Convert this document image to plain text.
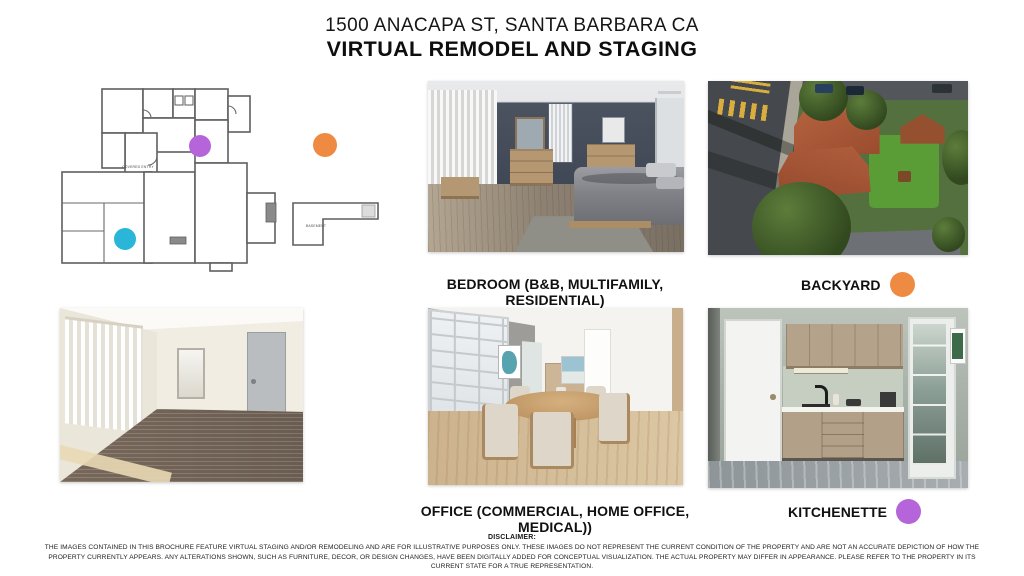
1500 ANACAPA ST, SANTA BARBARA CA
VIRTUAL REMODEL AND STAGING
COVERED ENTRY
BASEMENT
BEDROOM (B&B, MULTIFAMILY, RESIDENTIAL)
BACKYARD
OFFICE (COMMERCIAL, HOME OFFICE, MEDICAL))
KITCHENETTE
DISCLAIMER:
THE IMAGES CONTAINED IN THIS BROCHURE FEATURE VIRTUAL STAGING AND/OR REMODELING AND ARE FOR ILLUSTRATIVE PURPOSES ONLY. THESE IMAGES DO NOT REPRESENT THE CURRENT CONDITION OF THE PROPERTY AND ARE NOT AN ACCURATE DEPICTION OF HOW THE PROPERTY CURRENTLY APPEARS. ANY ALTERATIONS SHOWN, SUCH AS FURNITURE, DECOR, OR DESIGN CHANGES, HAVE BEEN DIGITALLY ADDED FOR CONCEPTUAL VISUALIZATION. THE ACTUAL PROPERTY MAY DIFFER IN APPEARANCE. PLEASE REFER TO THE PROPERTY IN ITS CURRENT STATE FOR A TRUE REPRESENTATION.
